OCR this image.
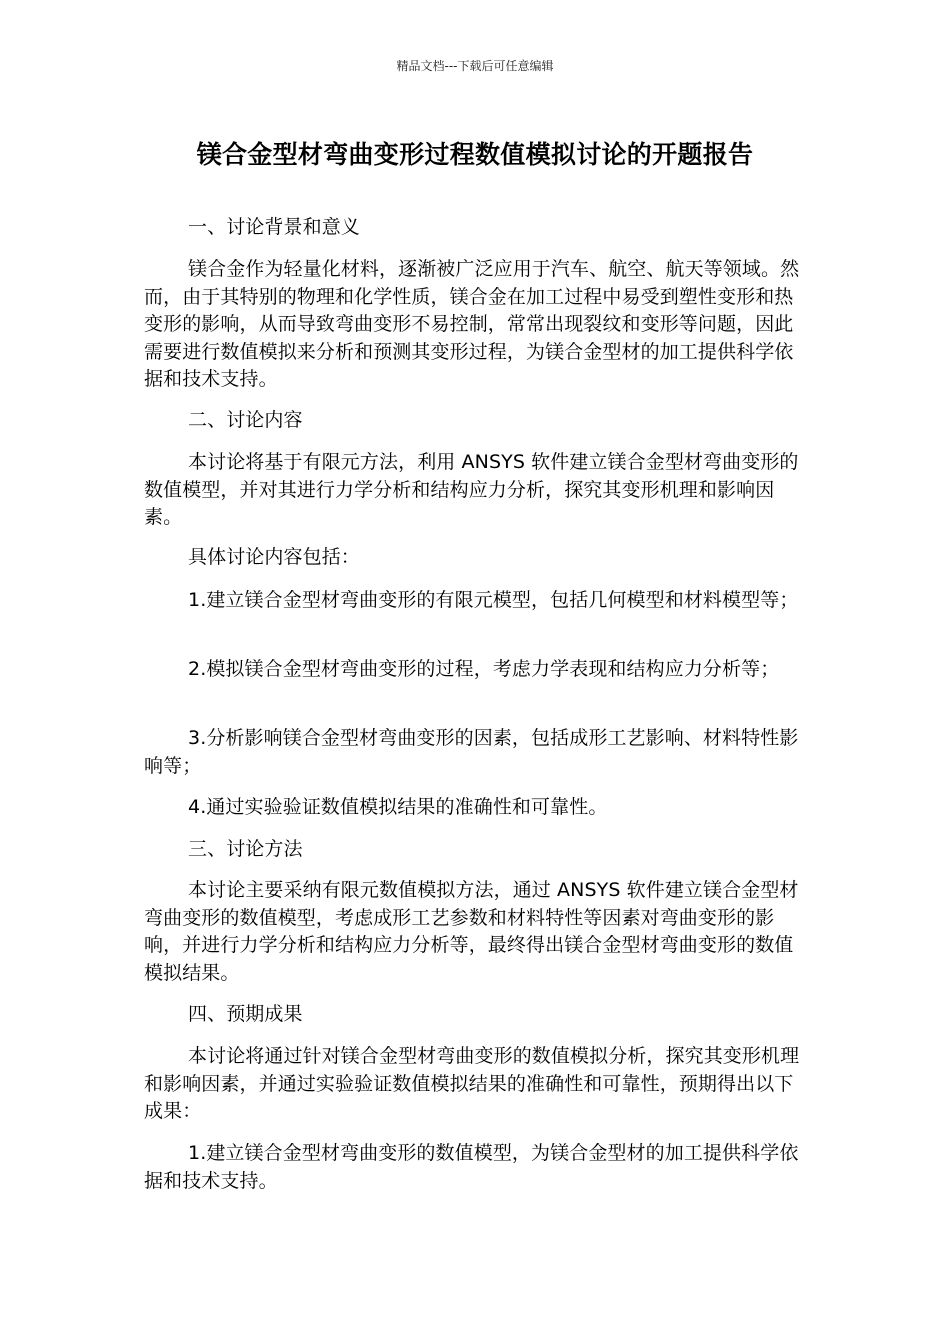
精品文档---下载后可任意编辑
镁合金型材弯曲变形过程数值模拟讨论的开题报告

一、讨论背景和意义

镁合金作为轻量化材料，逐渐被广泛应用于汽车、航空、航天等领域。然而，由于其特别的物理和化学性质，镁合金在加工过程中易受到塑性变形和热变形的影响，从而导致弯曲变形不易控制，常常出现裂纹和变形等问题，因此需要进行数值模拟来分析和预测其变形过程，为镁合金型材的加工提供科学依据和技术支持。

二、讨论内容

本讨论将基于有限元方法，利用 ANSYS 软件建立镁合金型材弯曲变形的数值模型，并对其进行力学分析和结构应力分析，探究其变形机理和影响因素。

具体讨论内容包括：

1.建立镁合金型材弯曲变形的有限元模型，包括几何模型和材料模型等；

2.模拟镁合金型材弯曲变形的过程，考虑力学表现和结构应力分析等；

3.分析影响镁合金型材弯曲变形的因素，包括成形工艺影响、材料特性影响等；

4.通过实验验证数值模拟结果的准确性和可靠性。

三、讨论方法

本讨论主要采纳有限元数值模拟方法，通过 ANSYS 软件建立镁合金型材弯曲变形的数值模型，考虑成形工艺参数和材料特性等因素对弯曲变形的影响，并进行力学分析和结构应力分析等，最终得出镁合金型材弯曲变形的数值模拟结果。

四、预期成果

本讨论将通过针对镁合金型材弯曲变形的数值模拟分析，探究其变形机理和影响因素，并通过实验验证数值模拟结果的准确性和可靠性，预期得出以下成果：

1.建立镁合金型材弯曲变形的数值模型，为镁合金型材的加工提供科学依据和技术支持。
